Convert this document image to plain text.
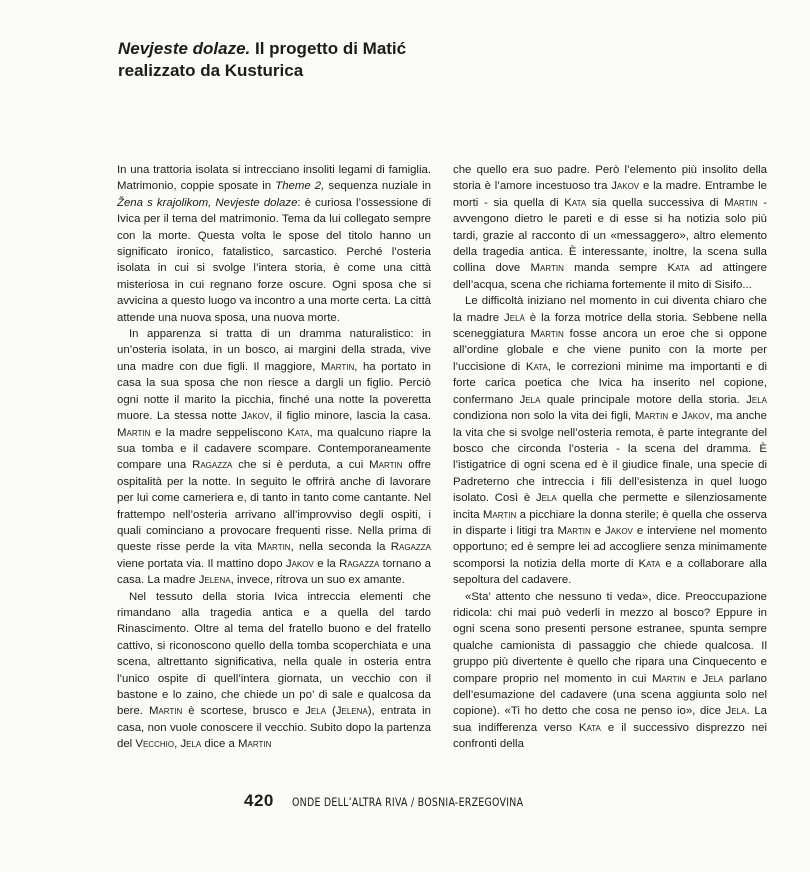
Nevjeste dolaze. Il progetto di Matić
realizzato da Kusturica

In una trattoria isolata si intrecciano insoliti legami di famiglia. Matrimonio, coppie sposate in Theme 2, sequenza nuziale in Žena s krajolikom, Nevjeste dolaze: è curiosa l’ossessione di Ivica per il tema del matrimonio. Tema da lui collegato sempre con la morte. Questa volta le spose del titolo hanno un significato ironico, fatalistico, sarcastico. Perché l’osteria isolata in cui si svolge l’intera storia, è come una città misteriosa in cui regnano forze oscure. Ogni sposa che si avvicina a questo luogo va incontro a una morte certa. La città attende una nuova sposa, una nuova morte.

In apparenza si tratta di un dramma naturalistico: in un’osteria isolata, in un bosco, ai margini della strada, vive una madre con due figli. Il maggiore, Martin, ha portato in casa la sua sposa che non riesce a dargli un figlio. Perciò ogni notte il marito la picchia, finché una notte la poveretta muore. La stessa notte Jakov, il figlio minore, lascia la casa. Martin e la madre seppeliscono Kata, ma qualcuno riapre la sua tomba e il cadavere scompare. Contemporaneamente compare una Ragazza che si è perduta, a cui Martin offre ospitalità per la notte. In seguito le offrirà anche di lavorare per lui come cameriera e, di tanto in tanto come cantante. Nel frattempo nell’osteria arrivano all’improvviso degli ospiti, i quali cominciano a provocare frequenti risse. Nella prima di queste risse perde la vita Martin, nella seconda la Ragazza viene portata via. Il mattino dopo Jakov e la Ragazza tornano a casa. La madre Jelena, invece, ritrova un suo ex amante.

Nel tessuto della storia Ivica intreccia elementi che rimandano alla tragedia antica e a quella del tardo Rinascimento. Oltre al tema del fratello buono e del fratello cattivo, si riconoscono quello della tomba scoperchiata e una scena, altrettanto significativa, nella quale in osteria entra l’unico ospite di quell’intera giornata, un vecchio con il bastone e lo zaino, che chiede un po’ di sale e qualcosa da bere. Martin è scortese, brusco e Jela (Jelena), entrata in casa, non vuole conoscere il vecchio. Subito dopo la partenza del Vecchio, Jela dice a Martin

che quello era suo padre. Però l’elemento più insolito della storia è l’amore incestuoso tra Jakov e la madre. Entrambe le morti - sia quella di Kata sia quella successiva di Martin - avvengono dietro le pareti e di esse si ha notizia solo più tardi, grazie al racconto di un «messaggero», altro elemento della tragedia antica. È interessante, inoltre, la scena sulla collina dove Martin manda sempre Kata ad attingere dell’acqua, scena che richiama fortemente il mito di Sisifo...

Le difficoltà iniziano nel momento in cui diventa chiaro che la madre Jelà è la forza motrice della storia. Sebbene nella sceneggiatura Martin fosse ancora un eroe che si oppone all’ordine globale e che viene punito con la morte per l’uccisione di Kata, le correzioni minime ma importanti e di forte carica poetica che Ivica ha inserito nel copione, confermano Jela quale principale motore della storia. Jela condiziona non solo la vita dei figli, Martin e Jakov, ma anche la vita che si svolge nell’osteria remota, è parte integrante del bosco che circonda l’osteria - la scena del dramma. È l’istigatrice di ogni scena ed è il giudice finale, una specie di Padreterno che intreccia i fili dell’esistenza in quel luogo isolato. Così è Jela quella che permette e silenziosamente incita Martin a picchiare la donna sterile; è quella che osserva in disparte i litigi tra Martin e Jakov e interviene nel momento opportuno; ed è sempre lei ad accogliere senza minimamente scomporsi la notizia della morte di Kata e a collaborare alla sepoltura del cadavere.

«Sta’ attento che nessuno ti veda», dice. Preoccupazione ridicola: chi mai può vederli in mezzo al bosco? Eppure in ogni scena sono presenti persone estranee, spunta sempre qualche camionista di passaggio che chiede qualcosa. Il gruppo più divertente è quello che ripara una Cinquecento e compare proprio nel momento in cui Martin e Jela parlano dell’esumazione del cadavere (una scena aggiunta solo nel copione). «Ti ho detto che cosa ne penso io», dice Jela. La sua indifferenza verso Kata e il successivo disprezzo nei confronti della

420 ONDE DELL’ALTRA RIVA / BOSNIA-ERZEGOVINA
